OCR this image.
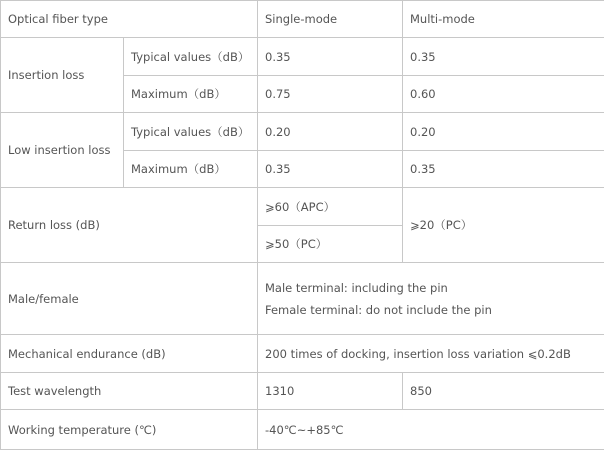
Optical fiber type		Single-mode	Multi-mode
Insertion loss	Typical values（dB）	0.35	0.35
	Maximum（dB）	0.75	0.60
Low insertion loss	Typical values（dB）	0.20	0.20
	Maximum（dB）	0.35	0.35
Return loss (dB)		⩾60（APC）	⩾20（PC）
		⩾50（PC）	
Male/female		Male terminal: including the pin
Female terminal: do not include the pin	

Mechanical endurance (dB)		200 times of docking, insertion loss variation ⩽0.2dB	
Test wavelength		1310	850
Working temperature (℃)		-40℃~+85℃	
